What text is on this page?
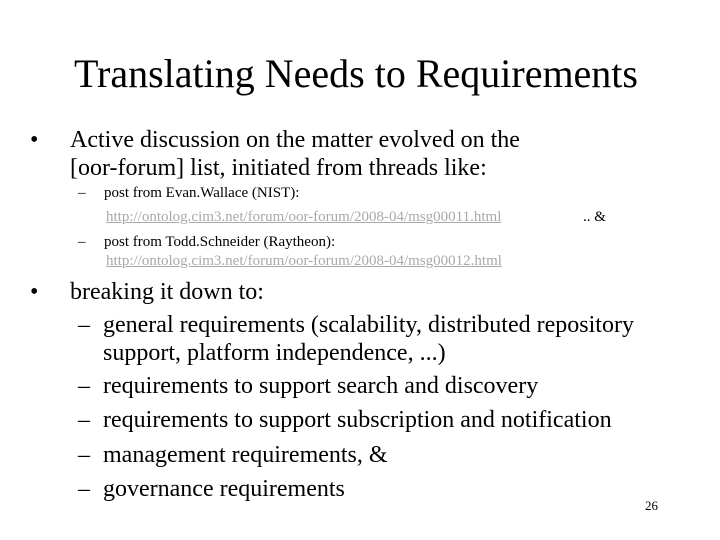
Translating Needs to Requirements
• Active discussion on the matter evolved on the
[oor-forum] list, initiated from threads like:
– post from Evan.Wallace (NIST):
http://ontolog.cim3.net/forum/oor-forum/2008-04/msg00011.html	.. &
– post from Todd.Schneider (Raytheon):
http://ontolog.cim3.net/forum/oor-forum/2008-04/msg00012.html
• breaking it down to:
– general requirements (scalability, distributed repository
support, platform independence, ...)
– requirements to support search and discovery
– requirements to support subscription and notification
– management requirements, &
– governance requirements
26
